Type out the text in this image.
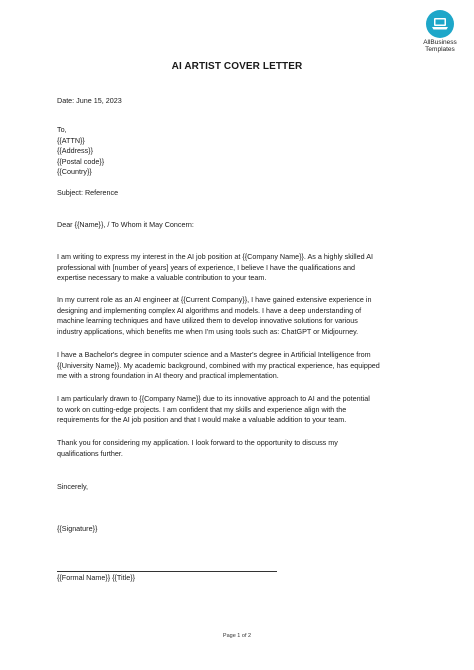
AllBusiness
Templates
AI ARTIST COVER LETTER
Date: June 15, 2023
To,
{{ATTN}}
{{Address}}
{{Postal code}}
{{Country}}
Subject: Reference
Dear {{Name}}, / To Whom it May Concern:
I am writing to express my interest in the AI job position at {{Company Name}}. As a highly skilled AI
professional with [number of years] years of experience, I believe I have the qualifications and
expertise necessary to make a valuable contribution to your team.
In my current role as an AI engineer at {{Current Company}}, I have gained extensive experience in
designing and implementing complex AI algorithms and models. I have a deep understanding of
machine learning techniques and have utilized them to develop innovative solutions for various
industry applications, which benefits me when I'm using tools such as: ChatGPT or Midjourney.
I have a Bachelor's degree in computer science and a Master's degree in Artificial Intelligence from
{{University Name}}. My academic background, combined with my practical experience, has equipped
me with a strong foundation in AI theory and practical implementation.
I am particularly drawn to {{Company Name}} due to its innovative approach to AI and the potential
to work on cutting-edge projects. I am confident that my skills and experience align with the
requirements for the AI job position and that I would make a valuable addition to your team.
Thank you for considering my application. I look forward to the opportunity to discuss my
qualifications further.
Sincerely,
{{Signature}}
{{Formal Name}} {{Title}}
Page 1 of 2
